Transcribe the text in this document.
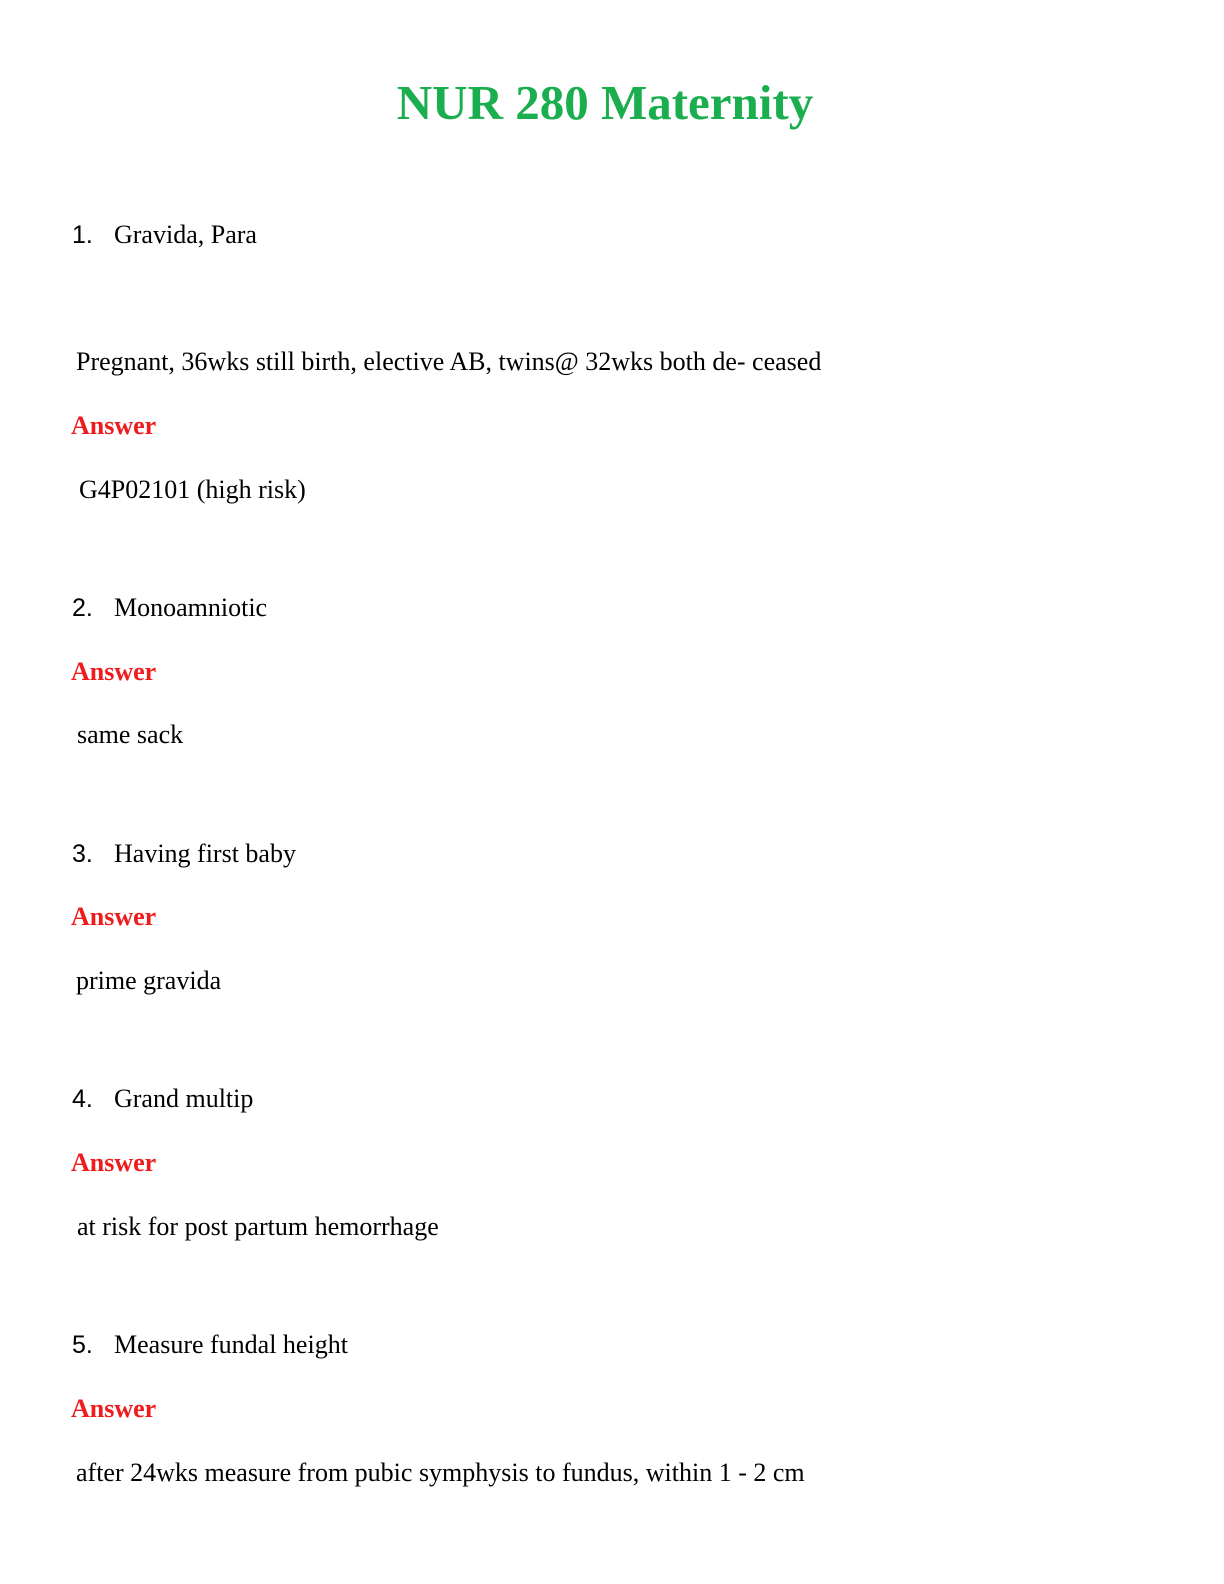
NUR 280 Maternity
1. Gravida, Para
Pregnant, 36wks still birth, elective AB, twins@ 32wks both de- ceased
Answer
G4P02101 (high risk)
2. Monoamniotic
Answer
same sack
3. Having first baby
Answer
prime gravida
4. Grand multip
Answer
at risk for post partum hemorrhage
5. Measure fundal height
Answer
after 24wks measure from pubic symphysis to fundus, within 1 - 2 cm
